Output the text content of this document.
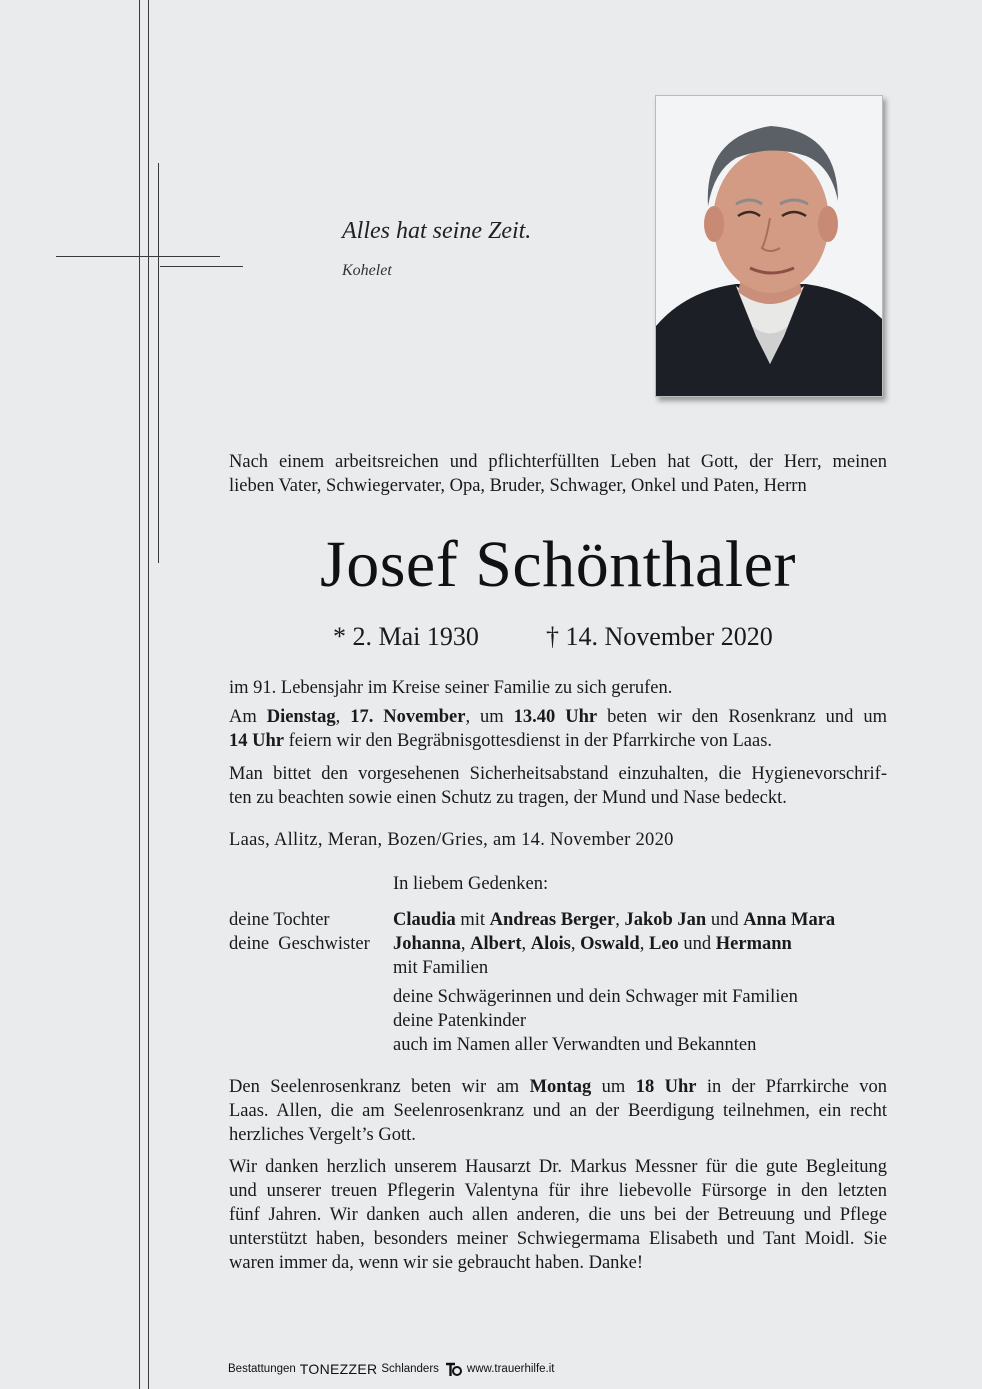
Alles hat seine Zeit.
Kohelet
Nach einem arbeitsreichen und pflichterfüllten Leben hat Gott, der Herr, meinen
lieben Vater, Schwiegervater, Opa, Bruder, Schwager, Onkel und Paten, Herrn
Josef Schönthaler
* 2. Mai 1930	† 14. November 2020
im 91. Lebensjahr im Kreise seiner Familie zu sich gerufen.
Am Dienstag, 17. November, um 13.40 Uhr beten wir den Rosenkranz und um
14 Uhr feiern wir den Begräbnisgottesdienst in der Pfarrkirche von Laas.
Man bittet den vorgesehenen Sicherheitsabstand einzuhalten, die Hygienevorschrif-
ten zu beachten sowie einen Schutz zu tragen, der Mund und Nase bedeckt.
Laas, Allitz, Meran, Bozen/Gries, am 14. November 2020
In liebem Gedenken:
deine Tochter	Claudia mit Andreas Berger, Jakob Jan und Anna Mara
deine  Geschwister Johanna, Albert, Alois, Oswald, Leo und Hermann
mit Familien
deine Schwägerinnen und dein Schwager mit Familien
deine Patenkinder
auch im Namen aller Verwandten und Bekannten
Den Seelenrosenkranz beten wir am Montag um 18 Uhr in der Pfarrkirche von
Laas. Allen, die am Seelenrosenkranz und an der Beerdigung teilnehmen, ein recht
herzliches Vergelt’s Gott.
Wir danken herzlich unserem Hausarzt Dr. Markus Messner für die gute Begleitung
und unserer treuen Pflegerin Valentyna für ihre liebevolle Fürsorge in den letzten
fünf Jahren. Wir danken auch allen anderen, die uns bei der Betreuung und Pflege
unterstützt haben, besonders meiner Schwiegermama Elisabeth und Tant Moidl. Sie
waren immer da, wenn wir sie gebraucht haben. Danke!
Bestattungen TONEZZER Schlanders www.trauerhilfe.it
